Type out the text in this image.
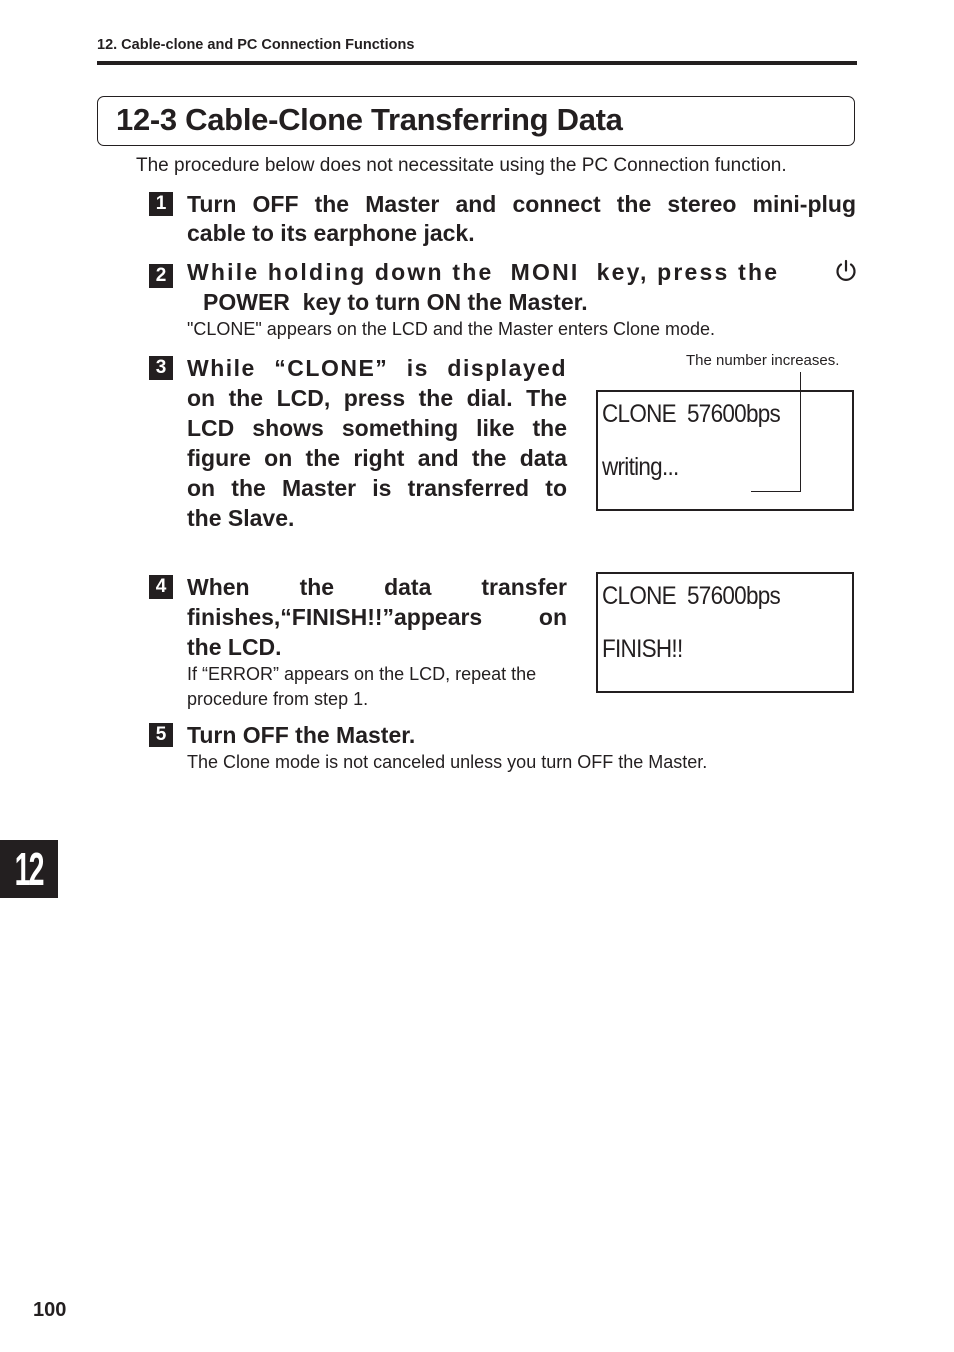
12. Cable-clone and PC Connection Functions
12-3 Cable-Clone Transferring Data
The procedure below does not necessitate using the PC Connection function.
1 Turn OFF the Master and connect the stereo mini-plug
cable to its earphone jack.
2 While holding down the  MONI  key, press the
POWER  key to turn ON the Master.
"CLONE" appears on the LCD and the Master enters Clone mode.
3 While “CLONE” is displayed
on the LCD, press the dial. The
LCD shows something like the
figure on the right and the data
on the Master is transferred to
the Slave.
The number increases.
CLONE  57600bps
writing...
4 When the data transfer
finishes,“FINISH!!”appears on
the LCD.
If “ERROR” appears on the LCD, repeat the
procedure from step 1.
CLONE  57600bps
FINISH!!
5 Turn OFF the Master.
The Clone mode is not canceled unless you turn OFF the Master.
12
100
